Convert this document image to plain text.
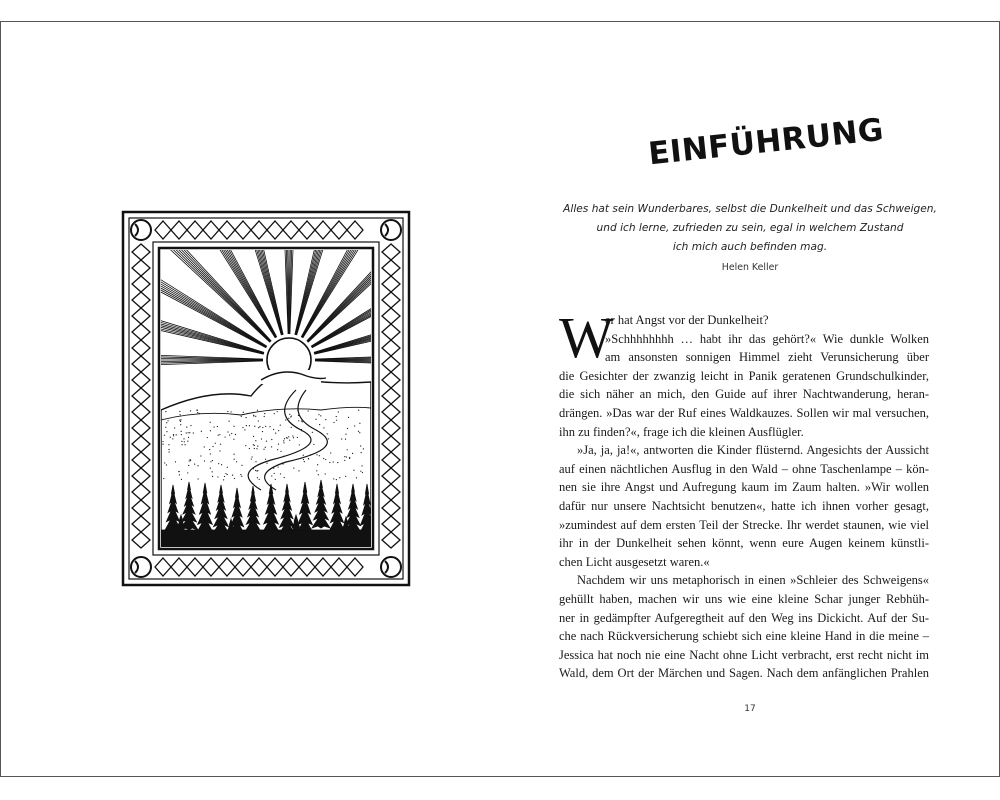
EINFÜHRUNG
Alles hat sein Wunderbares, selbst die Dunkelheit und das Schweigen,
und ich lerne, zufrieden zu sein, egal in welchem Zustand
ich mich auch befinden mag.
Helen Keller
W
er hat Angst vor der Dunkelheit?
»Schhhhhhhh … habt ihr das gehört?« Wie dunkle Wolken
am ansonsten sonnigen Himmel zieht Verunsicherung über
die Gesichter der zwanzig leicht in Panik geratenen Grundschulkinder,
die sich näher an mich, den Guide auf ihrer Nachtwanderung, heran-
drängen. »Das war der Ruf eines Waldkauzes. Sollen wir mal versuchen,
ihn zu finden?«, frage ich die kleinen Ausflügler.
»Ja, ja, ja!«, antworten die Kinder flüsternd. Angesichts der Aussicht
auf einen nächtlichen Ausflug in den Wald – ohne Taschenlampe – kön-
nen sie ihre Angst und Aufregung kaum im Zaum halten. »Wir wollen
dafür nur unsere Nachtsicht benutzen«, hatte ich ihnen vorher gesagt,
»zumindest auf dem ersten Teil der Strecke. Ihr werdet staunen, wie viel
ihr in der Dunkelheit sehen könnt, wenn eure Augen keinem künstli-
chen Licht ausgesetzt waren.«
Nachdem wir uns metaphorisch in einen »Schleier des Schweigens«
gehüllt haben, machen wir uns wie eine kleine Schar junger Rebhüh-
ner in gedämpfter Aufgeregtheit auf den Weg ins Dickicht. Auf der Su-
che nach Rückversicherung schiebt sich eine kleine Hand in die meine –
Jessica hat noch nie eine Nacht ohne Licht verbracht, erst recht nicht im
Wald, dem Ort der Märchen und Sagen. Nach dem anfänglichen Prahlen
17
